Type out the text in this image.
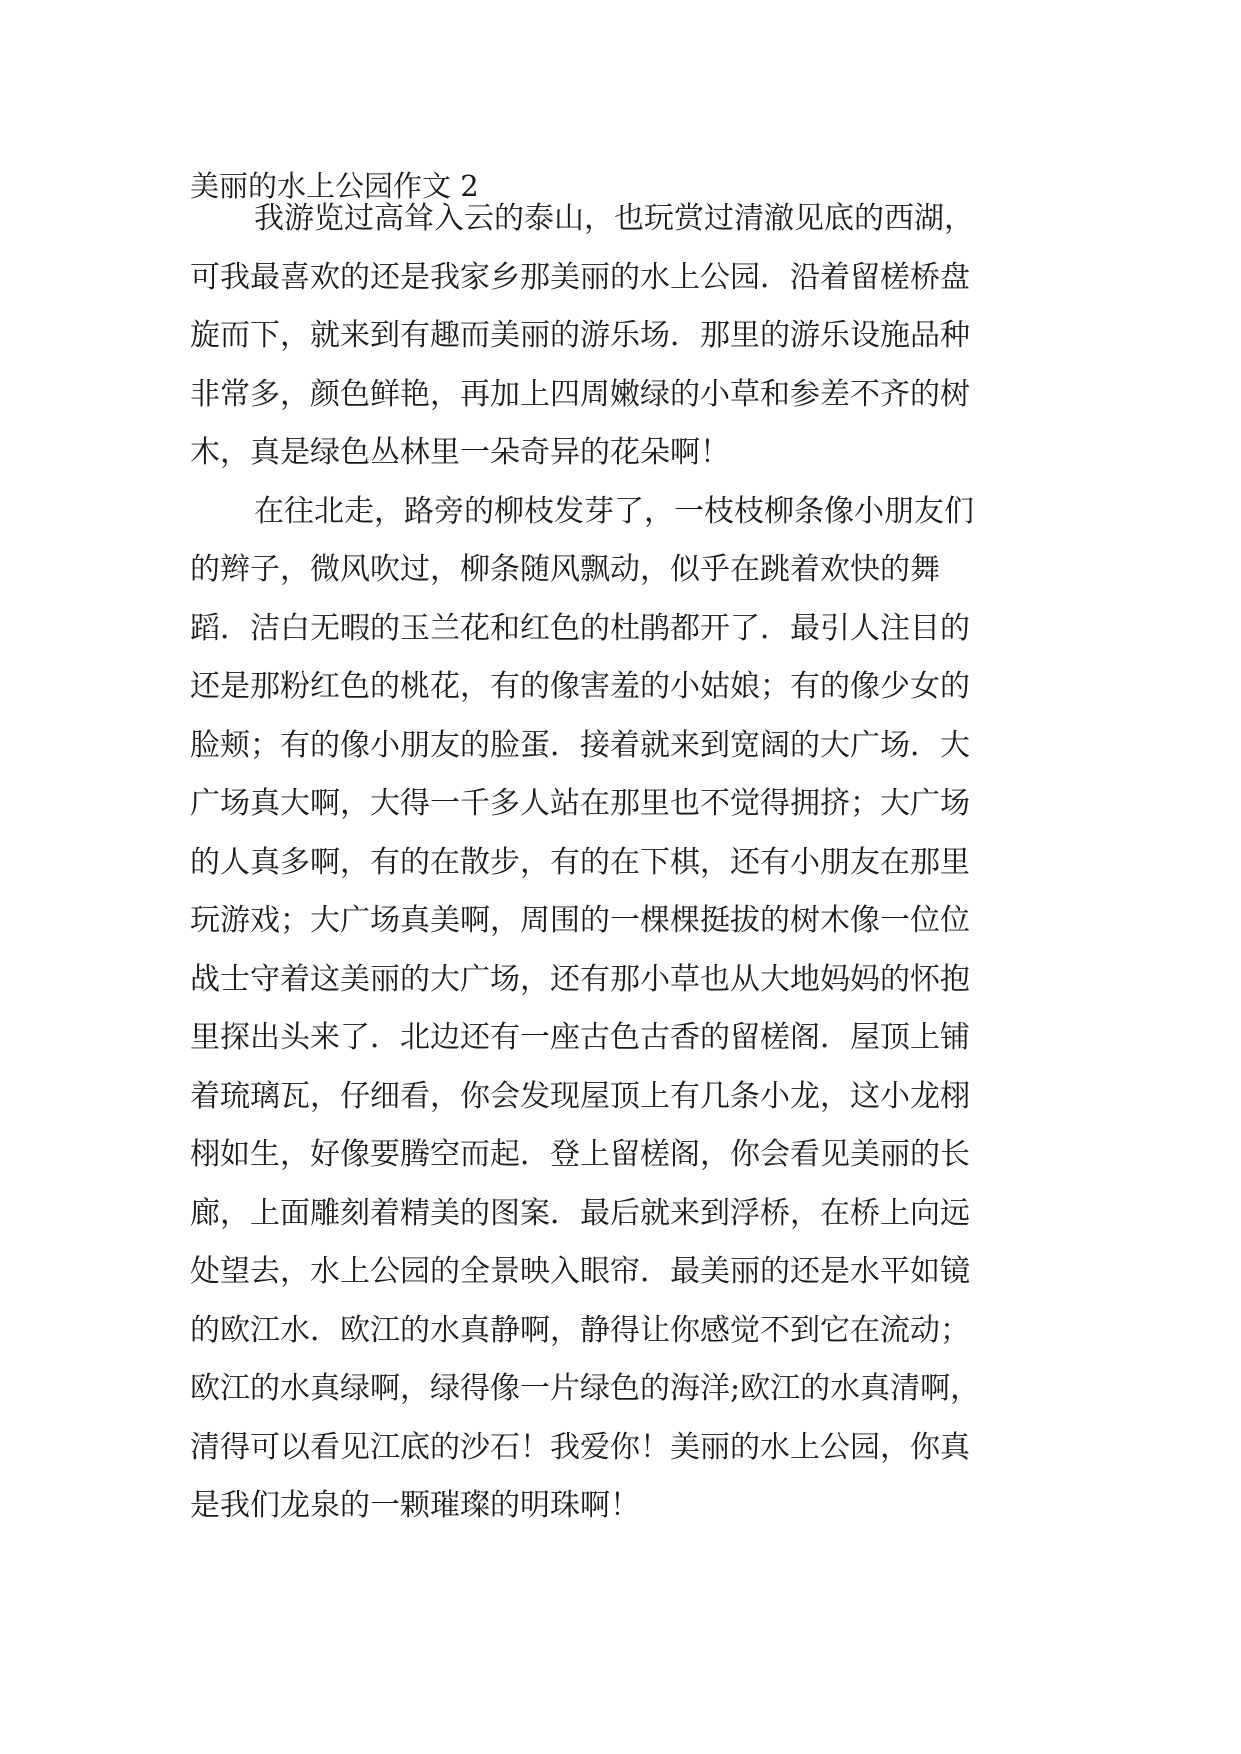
美丽的水上公园作文 2
我游览过高耸入云的泰山，也玩赏过清澈见底的西湖，
可我最喜欢的还是我家乡那美丽的水上公园．沿着留槎桥盘
旋而下，就来到有趣而美丽的游乐场．那里的游乐设施品种
非常多，颜色鲜艳，再加上四周嫩绿的小草和参差不齐的树
木，真是绿色丛林里一朵奇异的花朵啊！
在往北走，路旁的柳枝发芽了，一枝枝柳条像小朋友们
的辫子，微风吹过，柳条随风飘动，似乎在跳着欢快的舞
蹈．洁白无暇的玉兰花和红色的杜鹃都开了．最引人注目的
还是那粉红色的桃花，有的像害羞的小姑娘；有的像少女的
脸颊；有的像小朋友的脸蛋．接着就来到宽阔的大广场．大
广场真大啊，大得一千多人站在那里也不觉得拥挤；大广场
的人真多啊，有的在散步，有的在下棋，还有小朋友在那里
玩游戏；大广场真美啊，周围的一棵棵挺拔的树木像一位位
战士守着这美丽的大广场，还有那小草也从大地妈妈的怀抱
里探出头来了．北边还有一座古色古香的留槎阁．屋顶上铺
着琉璃瓦，仔细看，你会发现屋顶上有几条小龙，这小龙栩
栩如生，好像要腾空而起．登上留槎阁，你会看见美丽的长
廊，上面雕刻着精美的图案．最后就来到浮桥，在桥上向远
处望去，水上公园的全景映入眼帘．最美丽的还是水平如镜
的欧江水．欧江的水真静啊，静得让你感觉不到它在流动；
欧江的水真绿啊，绿得像一片绿色的海洋;欧江的水真清啊，
清得可以看见江底的沙石！我爱你！美丽的水上公园，你真
是我们龙泉的一颗璀璨的明珠啊！
